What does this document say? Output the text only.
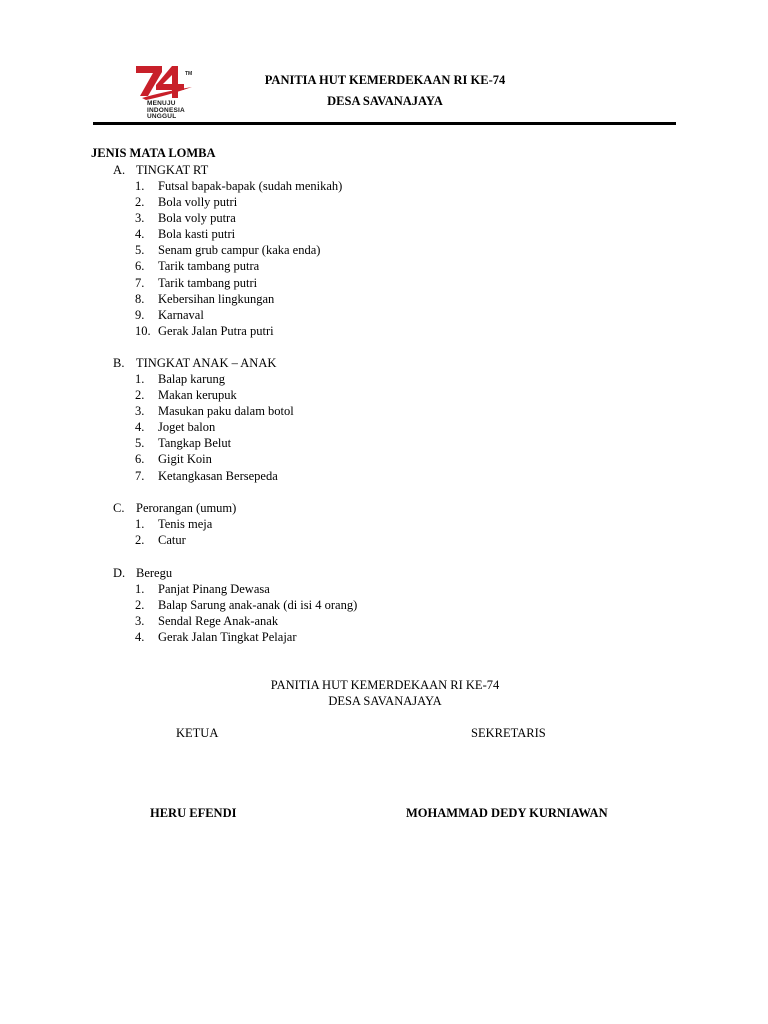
TM
MENUJU
INDONESIA
UNGGUL
PANITIA HUT KEMERDEKAAN RI KE-74
DESA SAVANAJAYA
JENIS MATA LOMBA
A. TINGKAT RT
1. Futsal bapak-bapak (sudah menikah)
2. Bola volly putri
3. Bola voly putra
4. Bola kasti putri
5. Senam grub campur (kaka enda)
6. Tarik tambang putra
7. Tarik tambang putri
8. Kebersihan lingkungan
9. Karnaval
10. Gerak Jalan Putra putri
B. TINGKAT ANAK – ANAK
1. Balap karung
2. Makan kerupuk
3. Masukan paku dalam botol
4. Joget balon
5. Tangkap Belut
6. Gigit Koin
7. Ketangkasan Bersepeda
C. Perorangan (umum)
1. Tenis meja
2. Catur
D. Beregu
1. Panjat Pinang Dewasa
2. Balap Sarung anak-anak (di isi 4 orang)
3. Sendal Rege Anak-anak
4. Gerak Jalan Tingkat Pelajar
PANITIA HUT KEMERDEKAAN RI KE-74
DESA SAVANAJAYA
KETUA	SEKRETARIS
HERU EFENDI	MOHAMMAD DEDY KURNIAWAN
